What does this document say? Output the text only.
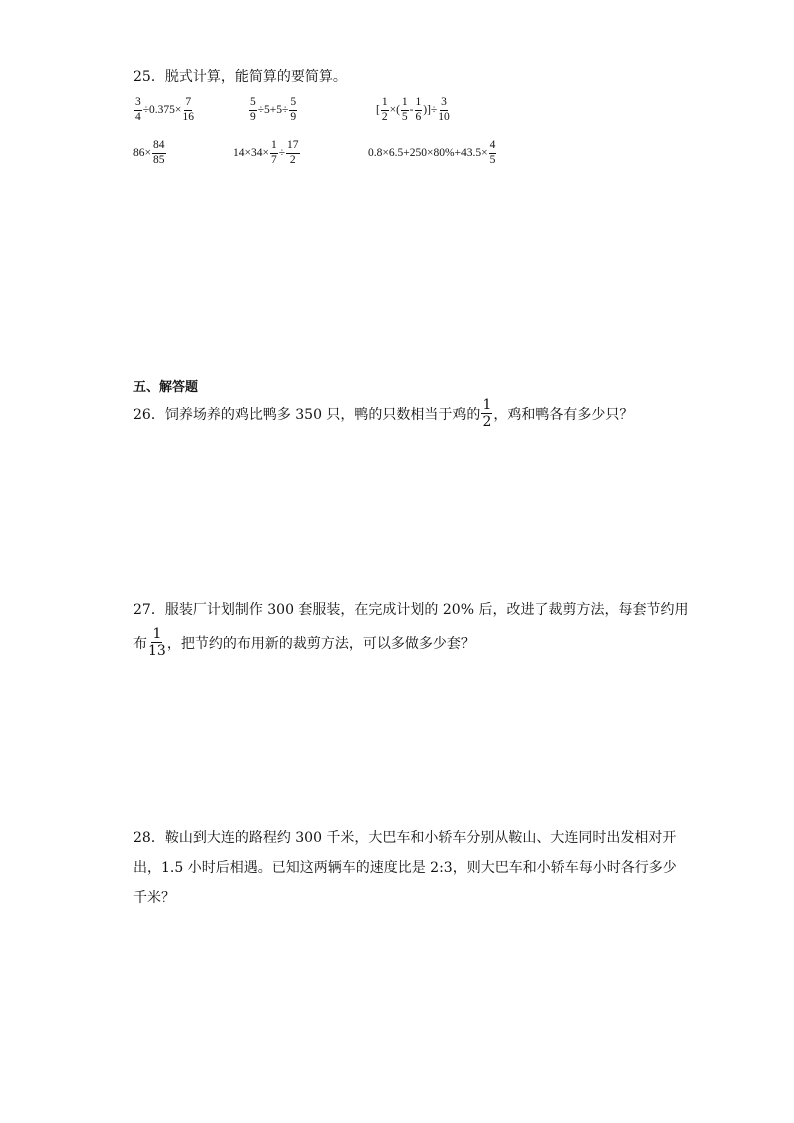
25．脱式计算，能简算的要简算。
$\frac{3}{4} \div 0.375\times \frac{7}{16}$	$\frac{5}{9} \div 5+5\div \frac{5}{9}$	[ $\frac{1}{2}$ ×( $\frac{1}{5} - \frac{1}{6}$ )]÷ $\frac{3}{10}$
$86\times \frac{84}{85}$	$14\times 34\times \frac{1}{7} \div \frac{17}{2}$	$0.8\times 6.5+250\times 80\%+43.5\times \frac{4}{5}$
五、解答题
26．饲养场养的鸡比鸭多 350 只，鸭的只数相当于鸡的 $\frac{1}{2}$ ，鸡和鸭各有多少只？
27．服装厂计划制作 300 套服装，在完成计划的 20% 后，改进了裁剪方法，每套节约用
布 $\frac{1}{13}$ ，把节约的布用新的裁剪方法，可以多做多少套？
28．鞍山到大连的路程约 300 千米，大巴车和小轿车分别从鞍山、大连同时出发相对开
出，1.5 小时后相遇。已知这两辆车的速度比是 2:3，则大巴车和小轿车每小时各行多少
千米？
